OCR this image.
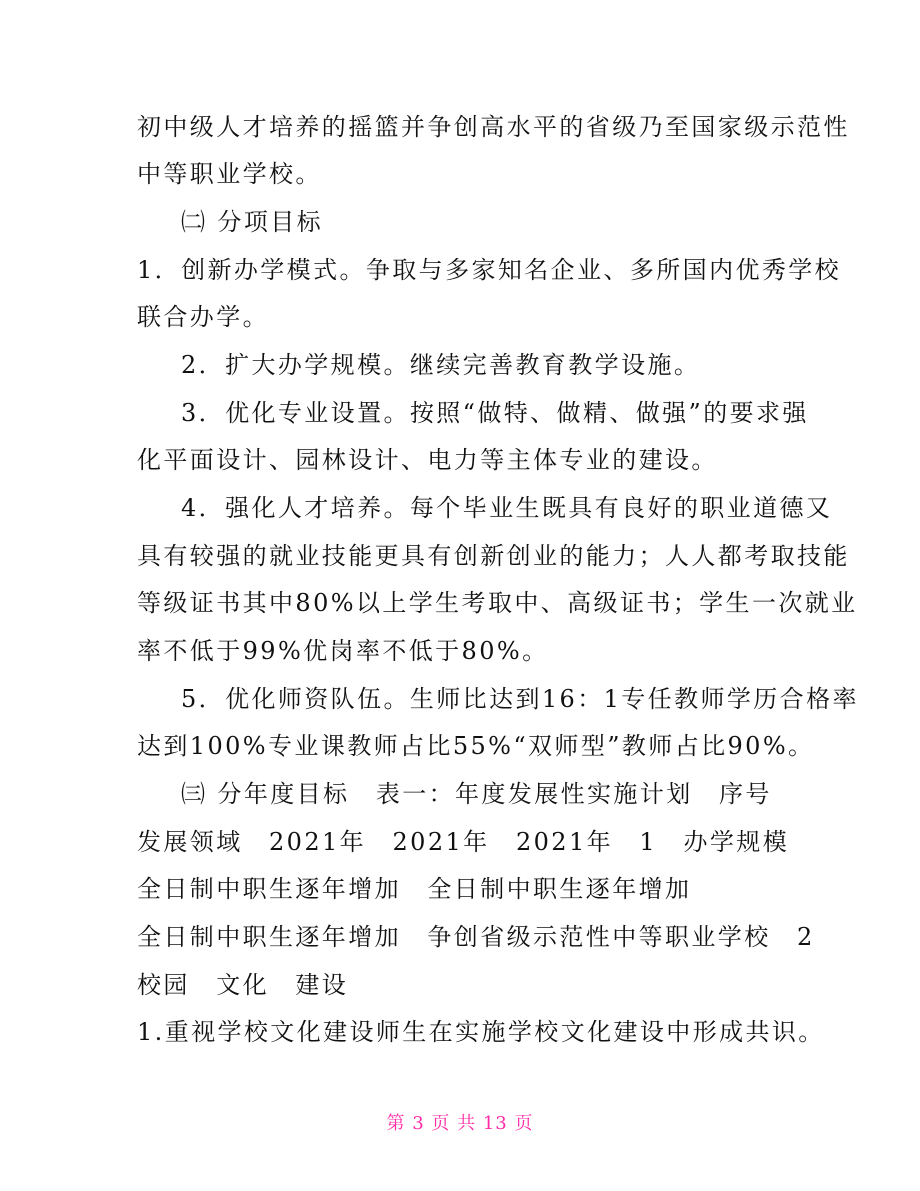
初中级人才培养的摇篮并争创高水平的省级乃至国家级示范性
中等职业学校。
㈡ 分项目标
1．创新办学模式。争取与多家知名企业、多所国内优秀学校
联合办学。
2．扩大办学规模。继续完善教育教学设施。
3．优化专业设置。按照“做特、做精、做强”的要求强
化平面设计、园林设计、电力等主体专业的建设。
4．强化人才培养。每个毕业生既具有良好的职业道德又
具有较强的就业技能更具有创新创业的能力；人人都考取技能
等级证书其中80%以上学生考取中、高级证书；学生一次就业
率不低于99%优岗率不低于80%。
5．优化师资队伍。生师比达到16：1专任教师学历合格率
达到100%专业课教师占比55%“双师型”教师占比90%。
㈢ 分年度目标　表一：年度发展性实施计划　序号
发展领域　2021年　2021年　2021年　1　办学规模
全日制中职生逐年增加　全日制中职生逐年增加
全日制中职生逐年增加　争创省级示范性中等职业学校　2
校园　文化　建设
1.重视学校文化建设师生在实施学校文化建设中形成共识。
第 3 页 共 13 页
